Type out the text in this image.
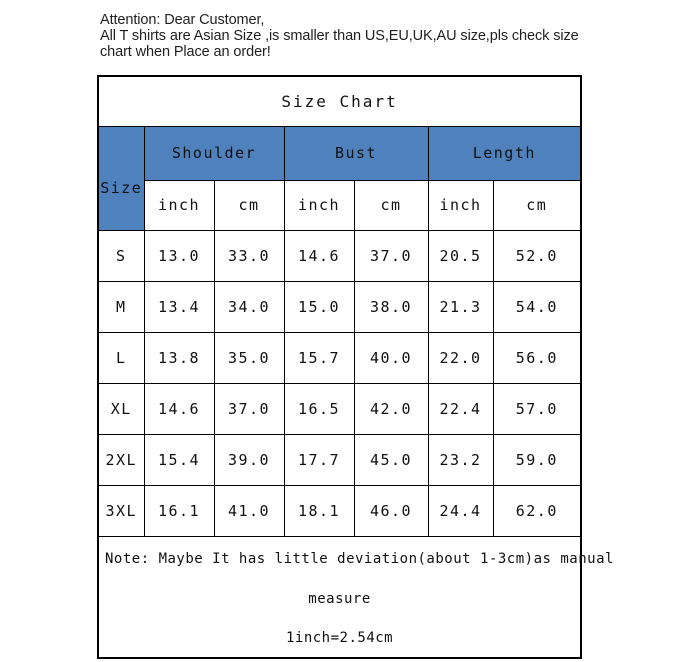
Attention: Dear Customer,
All T shirts are Asian Size ,is smaller than US,EU,UK,AU size,pls check size
chart when Place an order!
Size Chart						
Size	Shoulder		Bust		Length	
	inch	cm	inch	cm	inch	cm
S	13.0	33.0	14.6	37.0	20.5	52.0
M	13.4	34.0	15.0	38.0	21.3	54.0
L	13.8	35.0	15.7	40.0	22.0	56.0
XL	14.6	37.0	16.5	42.0	22.4	57.0
2XL	15.4	39.0	17.7	45.0	23.2	59.0
3XL	16.1	41.0	18.1	46.0	24.4	62.0

Note: Maybe It has little deviation(about 1-3cm)as manual
measure
1inch=2.54cm						
